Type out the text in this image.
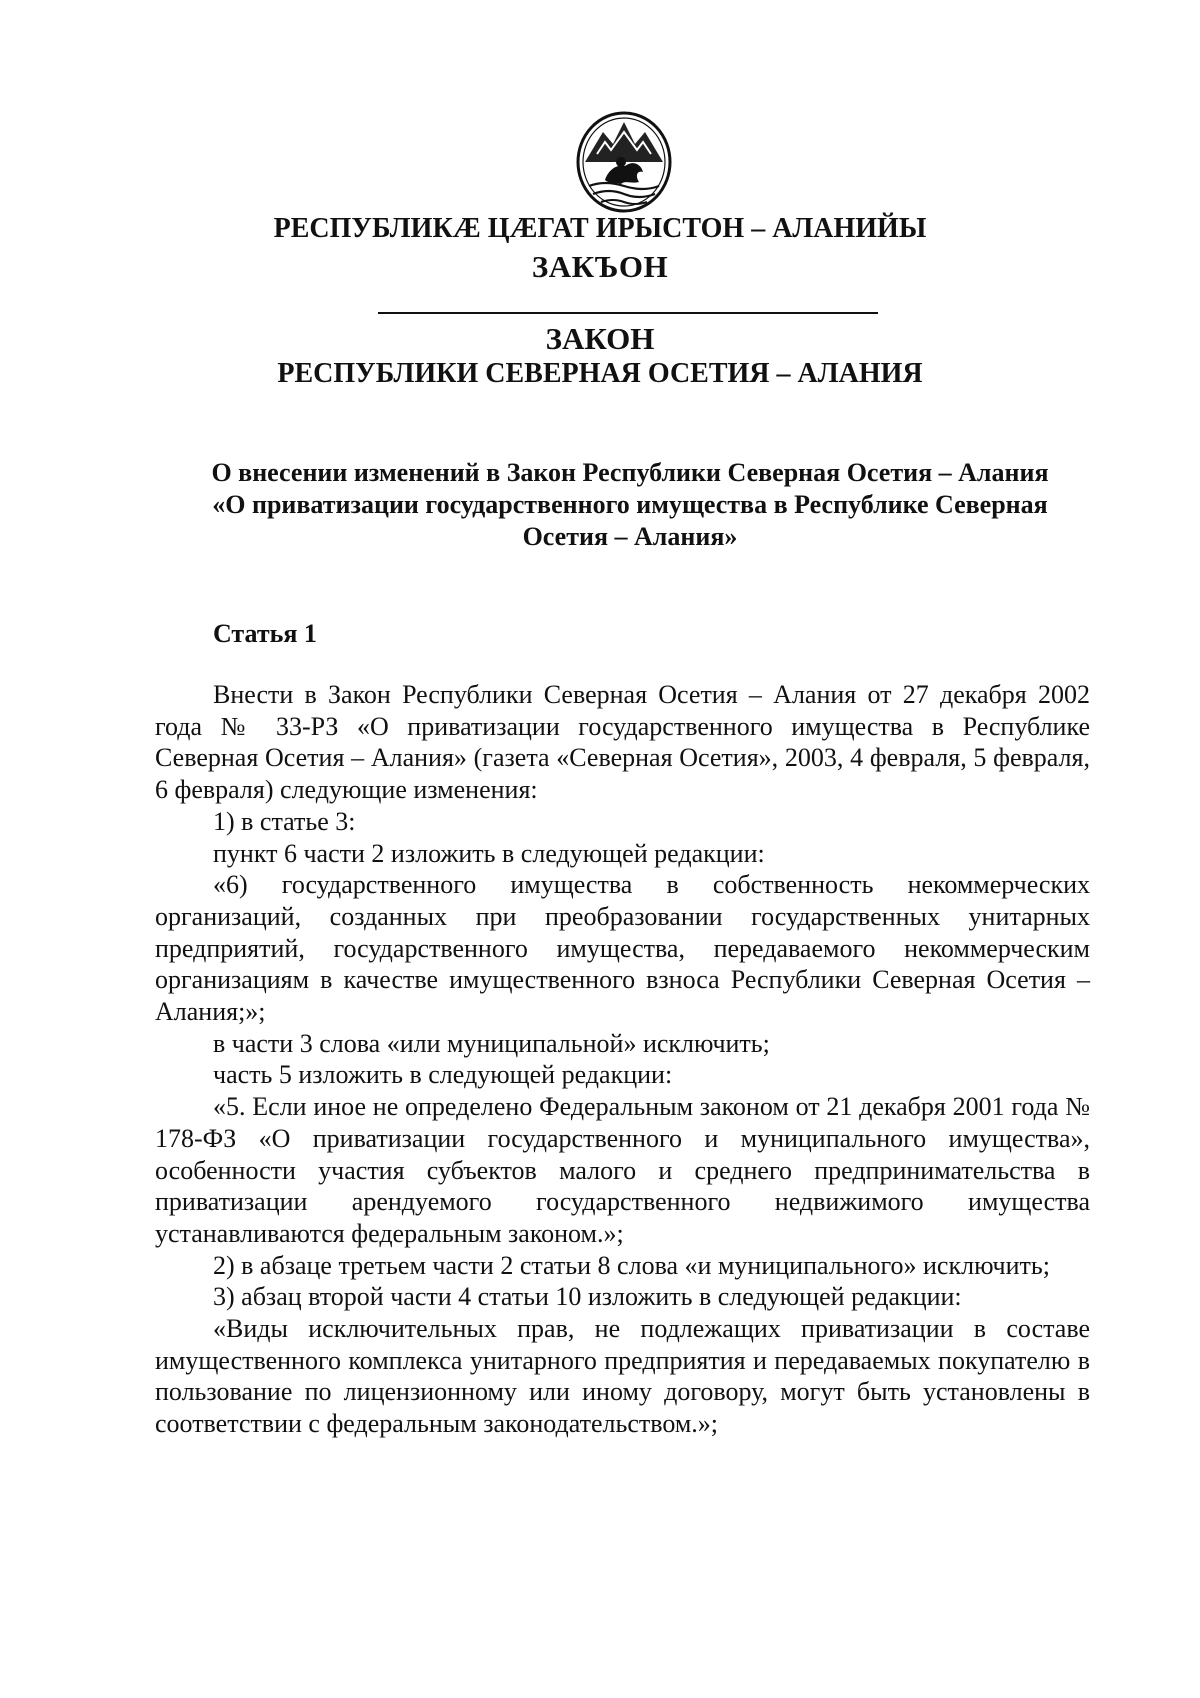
РЕСПУБЛИКӔ ЦӔГАТ ИРЫСТОН – АЛАНИЙЫ
ЗАКЪОН
ЗАКОН
РЕСПУБЛИКИ СЕВЕРНАЯ ОСЕТИЯ – АЛАНИЯ
О внесении изменений в Закон Республики Северная Осетия – Алания
«О приватизации государственного имущества в Республике Северная
Осетия – Алания»
Статья 1

Внести в Закон Республики Северная Осетия – Алания от 27 декабря 2002 года № 33-РЗ «О приватизации государственного имущества в Республике Северная Осетия – Алания» (газета «Северная Осетия», 2003, 4 февраля, 5 февраля, 6 февраля) следующие изменения:

1) в статье 3:

пункт 6 части 2 изложить в следующей редакции:

«6) государственного имущества в собственность некоммерческих организаций, созданных при преобразовании государственных унитарных предприятий, государственного имущества, передаваемого некоммерческим организациям в качестве имущественного взноса Республики Северная Осетия – Алания;»;

в части 3 слова «или муниципальной» исключить;

часть 5 изложить в следующей редакции:

«5. Если иное не определено Федеральным законом от 21 декабря 2001 года № 178-ФЗ «О приватизации государственного и муниципального имущества», особенности участия субъектов малого и среднего предпринимательства в приватизации арендуемого государственного недвижимого имущества устанавливаются федеральным законом.»;

2) в абзаце третьем части 2 статьи 8 слова «и муниципального» исключить;

3) абзац второй части 4 статьи 10 изложить в следующей редакции:

«Виды исключительных прав, не подлежащих приватизации в составе имущественного комплекса унитарного предприятия и передаваемых покупателю в пользование по лицензионному или иному договору, могут быть установлены в соответствии с федеральным законодательством.»;
